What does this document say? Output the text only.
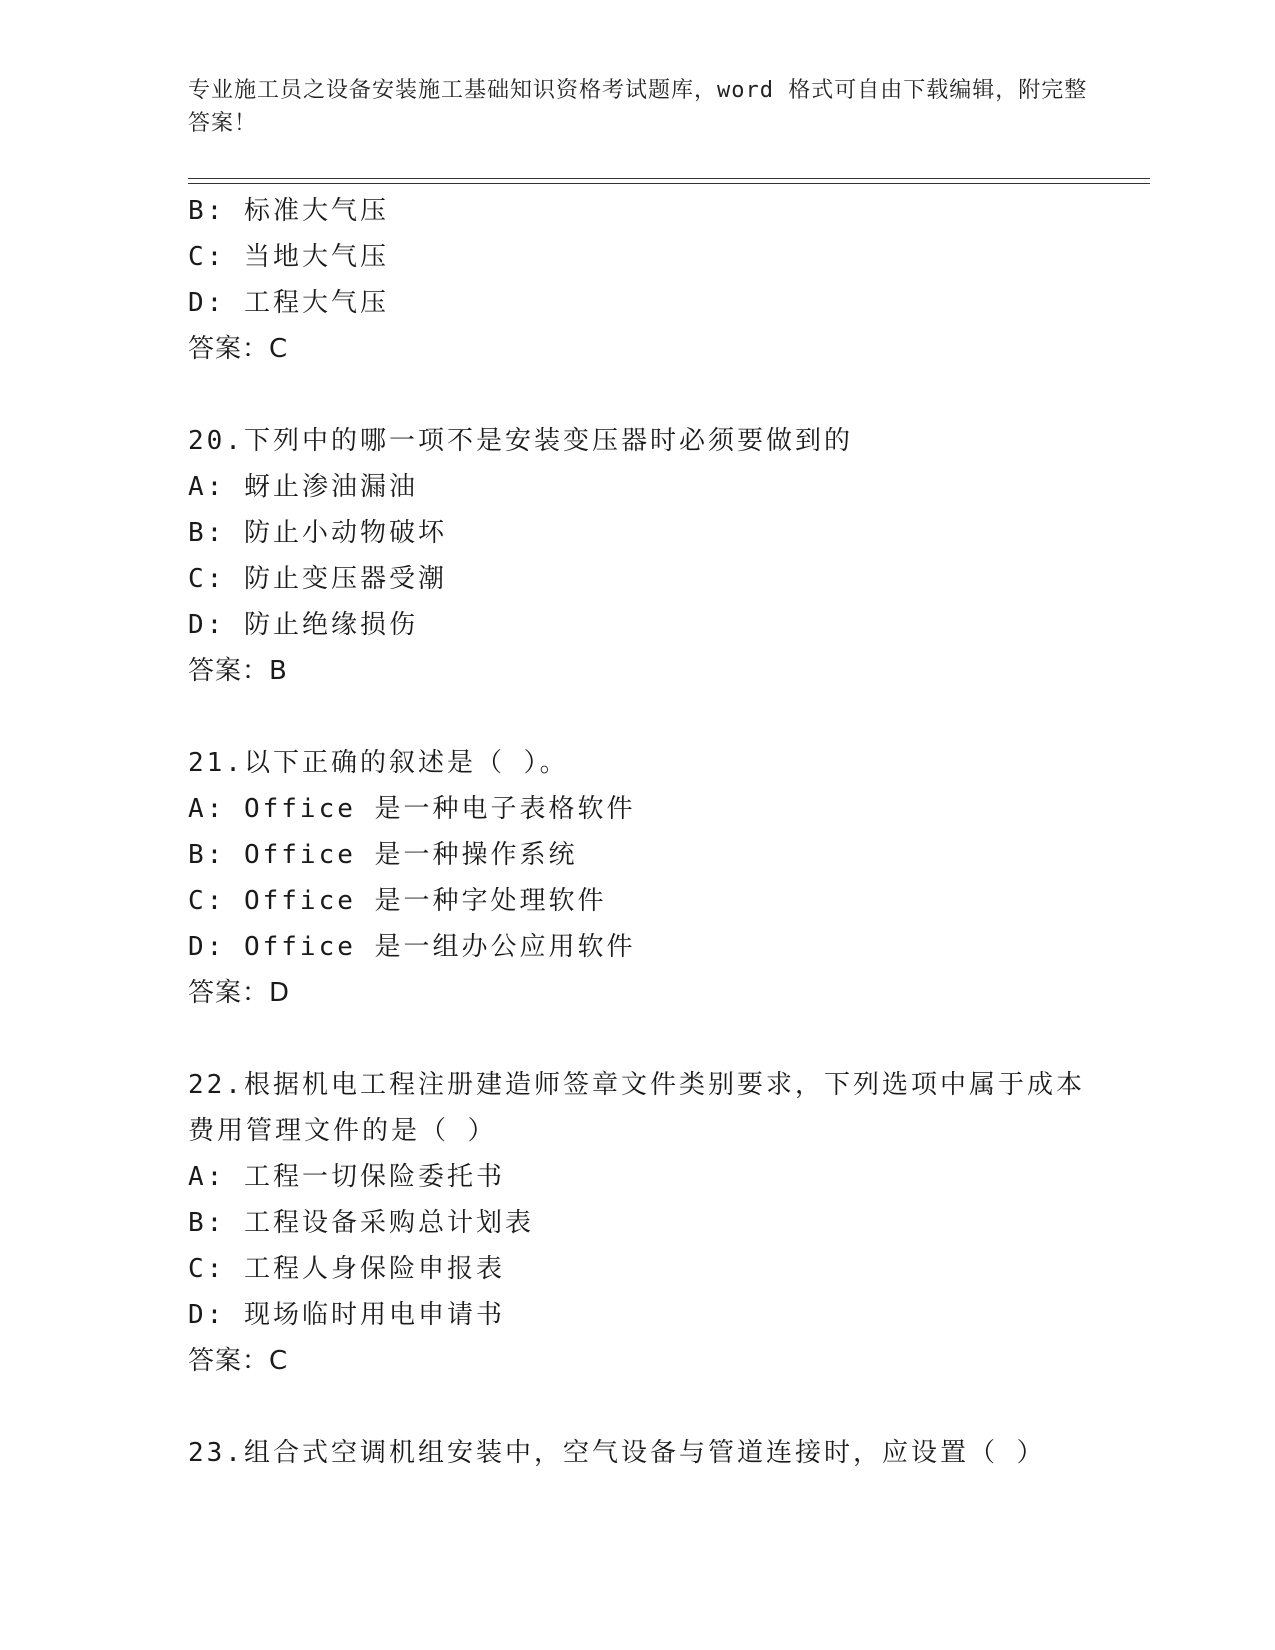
专业施工员之设备安装施工基础知识资格考试题库，word 格式可自由下载编辑，附完整答案！
B: 标准大气压
C: 当地大气压
D: 工程大气压
答案：C
20.下列中的哪一项不是安装变压器时必须要做到的
A: 蚜止渗油漏油
B: 防止小动物破坏
C: 防止变压器受潮
D: 防止绝缘损伤
答案：B
21.以下正确的叙述是（ ）。
A: Office 是一种电子表格软件
B: Office 是一种操作系统
C: Office 是一种字处理软件
D: Office 是一组办公应用软件
答案：D
22.根据机电工程注册建造师签章文件类别要求，下列选项中属于成本费用管理文件的是（ ）
A: 工程一切保险委托书
B: 工程设备采购总计划表
C: 工程人身保险申报表
D: 现场临时用电申请书
答案：C
23.组合式空调机组安装中，空气设备与管道连接时，应设置（ ）
